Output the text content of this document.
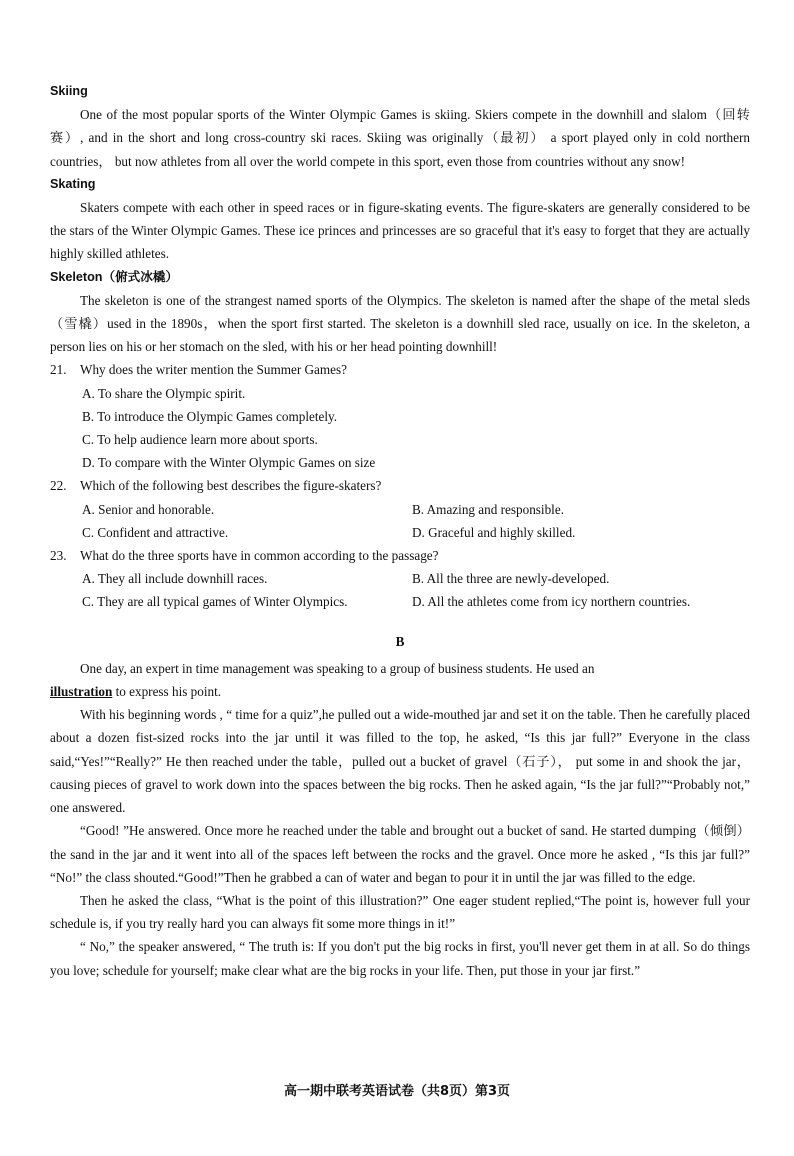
Skiing

One of the most popular sports of the Winter Olympic Games is skiing. Skiers compete in the downhill and slalom（回转赛）, and in the short and long cross-country ski races. Skiing was originally（最初） a sport played only in cold northern countries， but now athletes from all over the world compete in this sport, even those from countries without any snow!

Skating

Skaters compete with each other in speed races or in figure-skating events. The figure-skaters are generally considered to be the stars of the Winter Olympic Games. These ice princes and princesses are so graceful that it's easy to forget that they are actually highly skilled athletes.

Skeleton（俯式冰橇）

The skeleton is one of the strangest named sports of the Olympics. The skeleton is named after the shape of the metal sleds（雪橇）used in the 1890s，when the sport first started. The skeleton is a downhill sled race, usually on ice. In the skeleton, a person lies on his or her stomach on the sled, with his or her head pointing downhill!

21. Why does the writer mention the Summer Games?
A. To share the Olympic spirit.
B. To introduce the Olympic Games completely.
C. To help audience learn more about sports.
D. To compare with the Winter Olympic Games on size
22. Which of the following best describes the figure-skaters?
A. Senior and honorable.	B. Amazing and responsible.
C. Confident and attractive.	D. Graceful and highly skilled.
23. What do the three sports have in common according to the passage?
A. They all include downhill races.	B. All the three are newly-developed.
C. They are all typical games of Winter Olympics.	D. All the athletes come from icy northern countries.
B

One day, an expert in time management was speaking to a group of business students. He used an
illustration to express his point.

With his beginning words , “ time for a quiz”,he pulled out a wide-mouthed jar and set it on the table. Then he carefully placed about a dozen fist-sized rocks into the jar until it was filled to the top, he asked, “Is this jar full?” Everyone in the class said,“Yes!”“Really?” He then reached under the table，pulled out a bucket of gravel（石子）， put some in and shook the jar， causing pieces of gravel to work down into the spaces between the big rocks. Then he asked again, “Is the jar full?”“Probably not,” one answered.

“Good! ”He answered. Once more he reached under the table and brought out a bucket of sand. He started dumping（倾倒） the sand in the jar and it went into all of the spaces left between the rocks and the gravel. Once more he asked , “Is this jar full?” “No!” the class shouted.“Good!”Then he grabbed a can of water and began to pour it in until the jar was filled to the edge.

Then he asked the class, “What is the point of this illustration?” One eager student replied,“The point is, however full your schedule is, if you try really hard you can always fit some more things in it!”

“ No,” the speaker answered, “ The truth is: If you don't put the big rocks in first, you'll never get them in at all. So do things you love; schedule for yourself; make clear what are the big rocks in your life. Then, put those in your jar first.”

高一期中联考英语试卷（共8页）第3页
